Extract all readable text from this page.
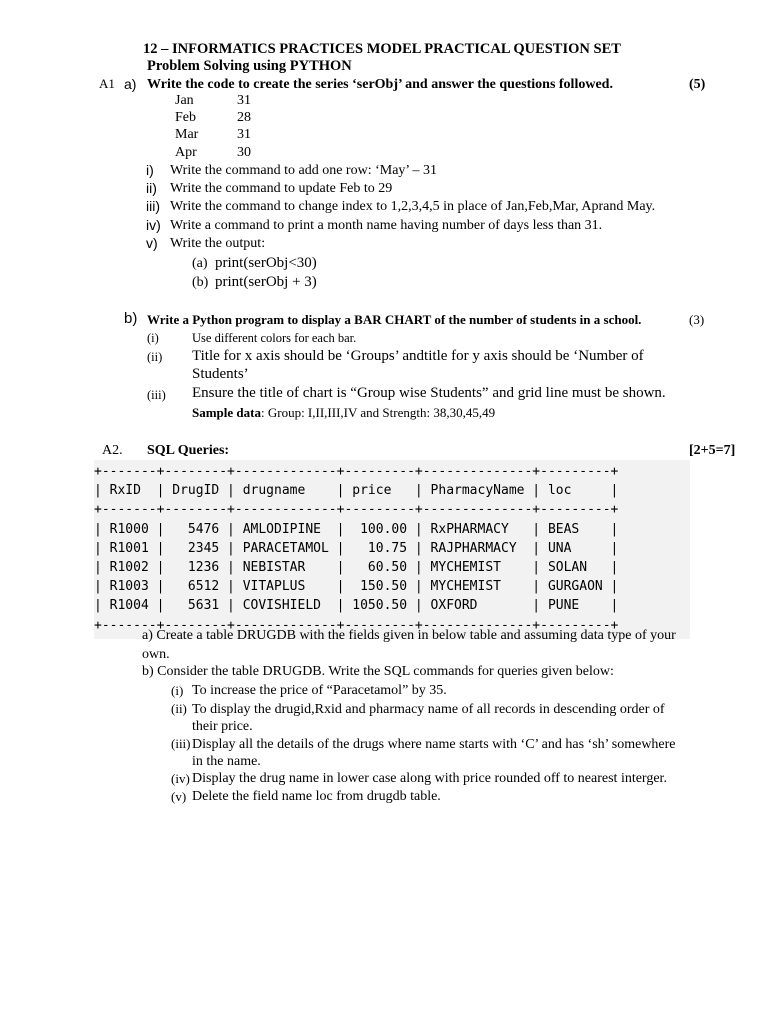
12 – INFORMATICS PRACTICES MODEL PRACTICAL QUESTION SET
Problem Solving using PYTHON
A1 a) Write the code to create the series ‘serObj’ and answer the questions followed.	(5)
Jan	31
Feb	28
Mar	31
Apr	30
i) Write the command to add one row: ‘May’ – 31
ii) Write the command to update Feb to 29
iii) Write the command to change index to 1,2,3,4,5 in place of Jan,Feb,Mar, Aprand May.
iv) Write a command to print a month name having number of days less than 31.
v) Write the output:
(a) print(serObj<30)
(b) print(serObj + 3)
b) Write a Python program to display a BAR CHART of the number of students in a school.	(3)
(i)	Use different colors for each bar.
(ii) Title for x axis should be ‘Groups’ andtitle for y axis should be ‘Number of Students’
(iii) Ensure the title of chart is “Group wise Students” and grid line must be shown.
Sample data: Group: I,II,III,IV and Strength: 38,30,45,49
A2. SQL Queries:	[2+5=7]
+-------+--------+-------------+---------+--------------+---------+
| RxID  | DrugID | drugname    | price   | PharmacyName | loc     |
+-------+--------+-------------+---------+--------------+---------+
| R1000 |   5476 | AMLODIPINE  |  100.00 | RxPHARMACY   | BEAS    |
| R1001 |   2345 | PARACETAMOL |   10.75 | RAJPHARMACY  | UNA     |
| R1002 |   1236 | NEBISTAR    |   60.50 | MYCHEMIST    | SOLAN   |
| R1003 |   6512 | VITAPLUS    |  150.50 | MYCHEMIST    | GURGAON |
| R1004 |   5631 | COVISHIELD  | 1050.50 | OXFORD       | PUNE    |
+-------+--------+-------------+---------+--------------+---------+
a) Create a table DRUGDB with the fields given in below table and assuming data type of your own.
b) Consider the table DRUGDB. Write the SQL commands for queries given below:
(i) To increase the price of “Paracetamol” by 35.
(ii) To display the drugid,Rxid and pharmacy name of all records in descending order of their price.
(iii) Display all the details of the drugs where name starts with ‘C’ and has ‘sh’ somewhere in the name.
(iv) Display the drug name in lower case along with price rounded off to nearest interger.
(v) Delete the field name loc from drugdb table.
